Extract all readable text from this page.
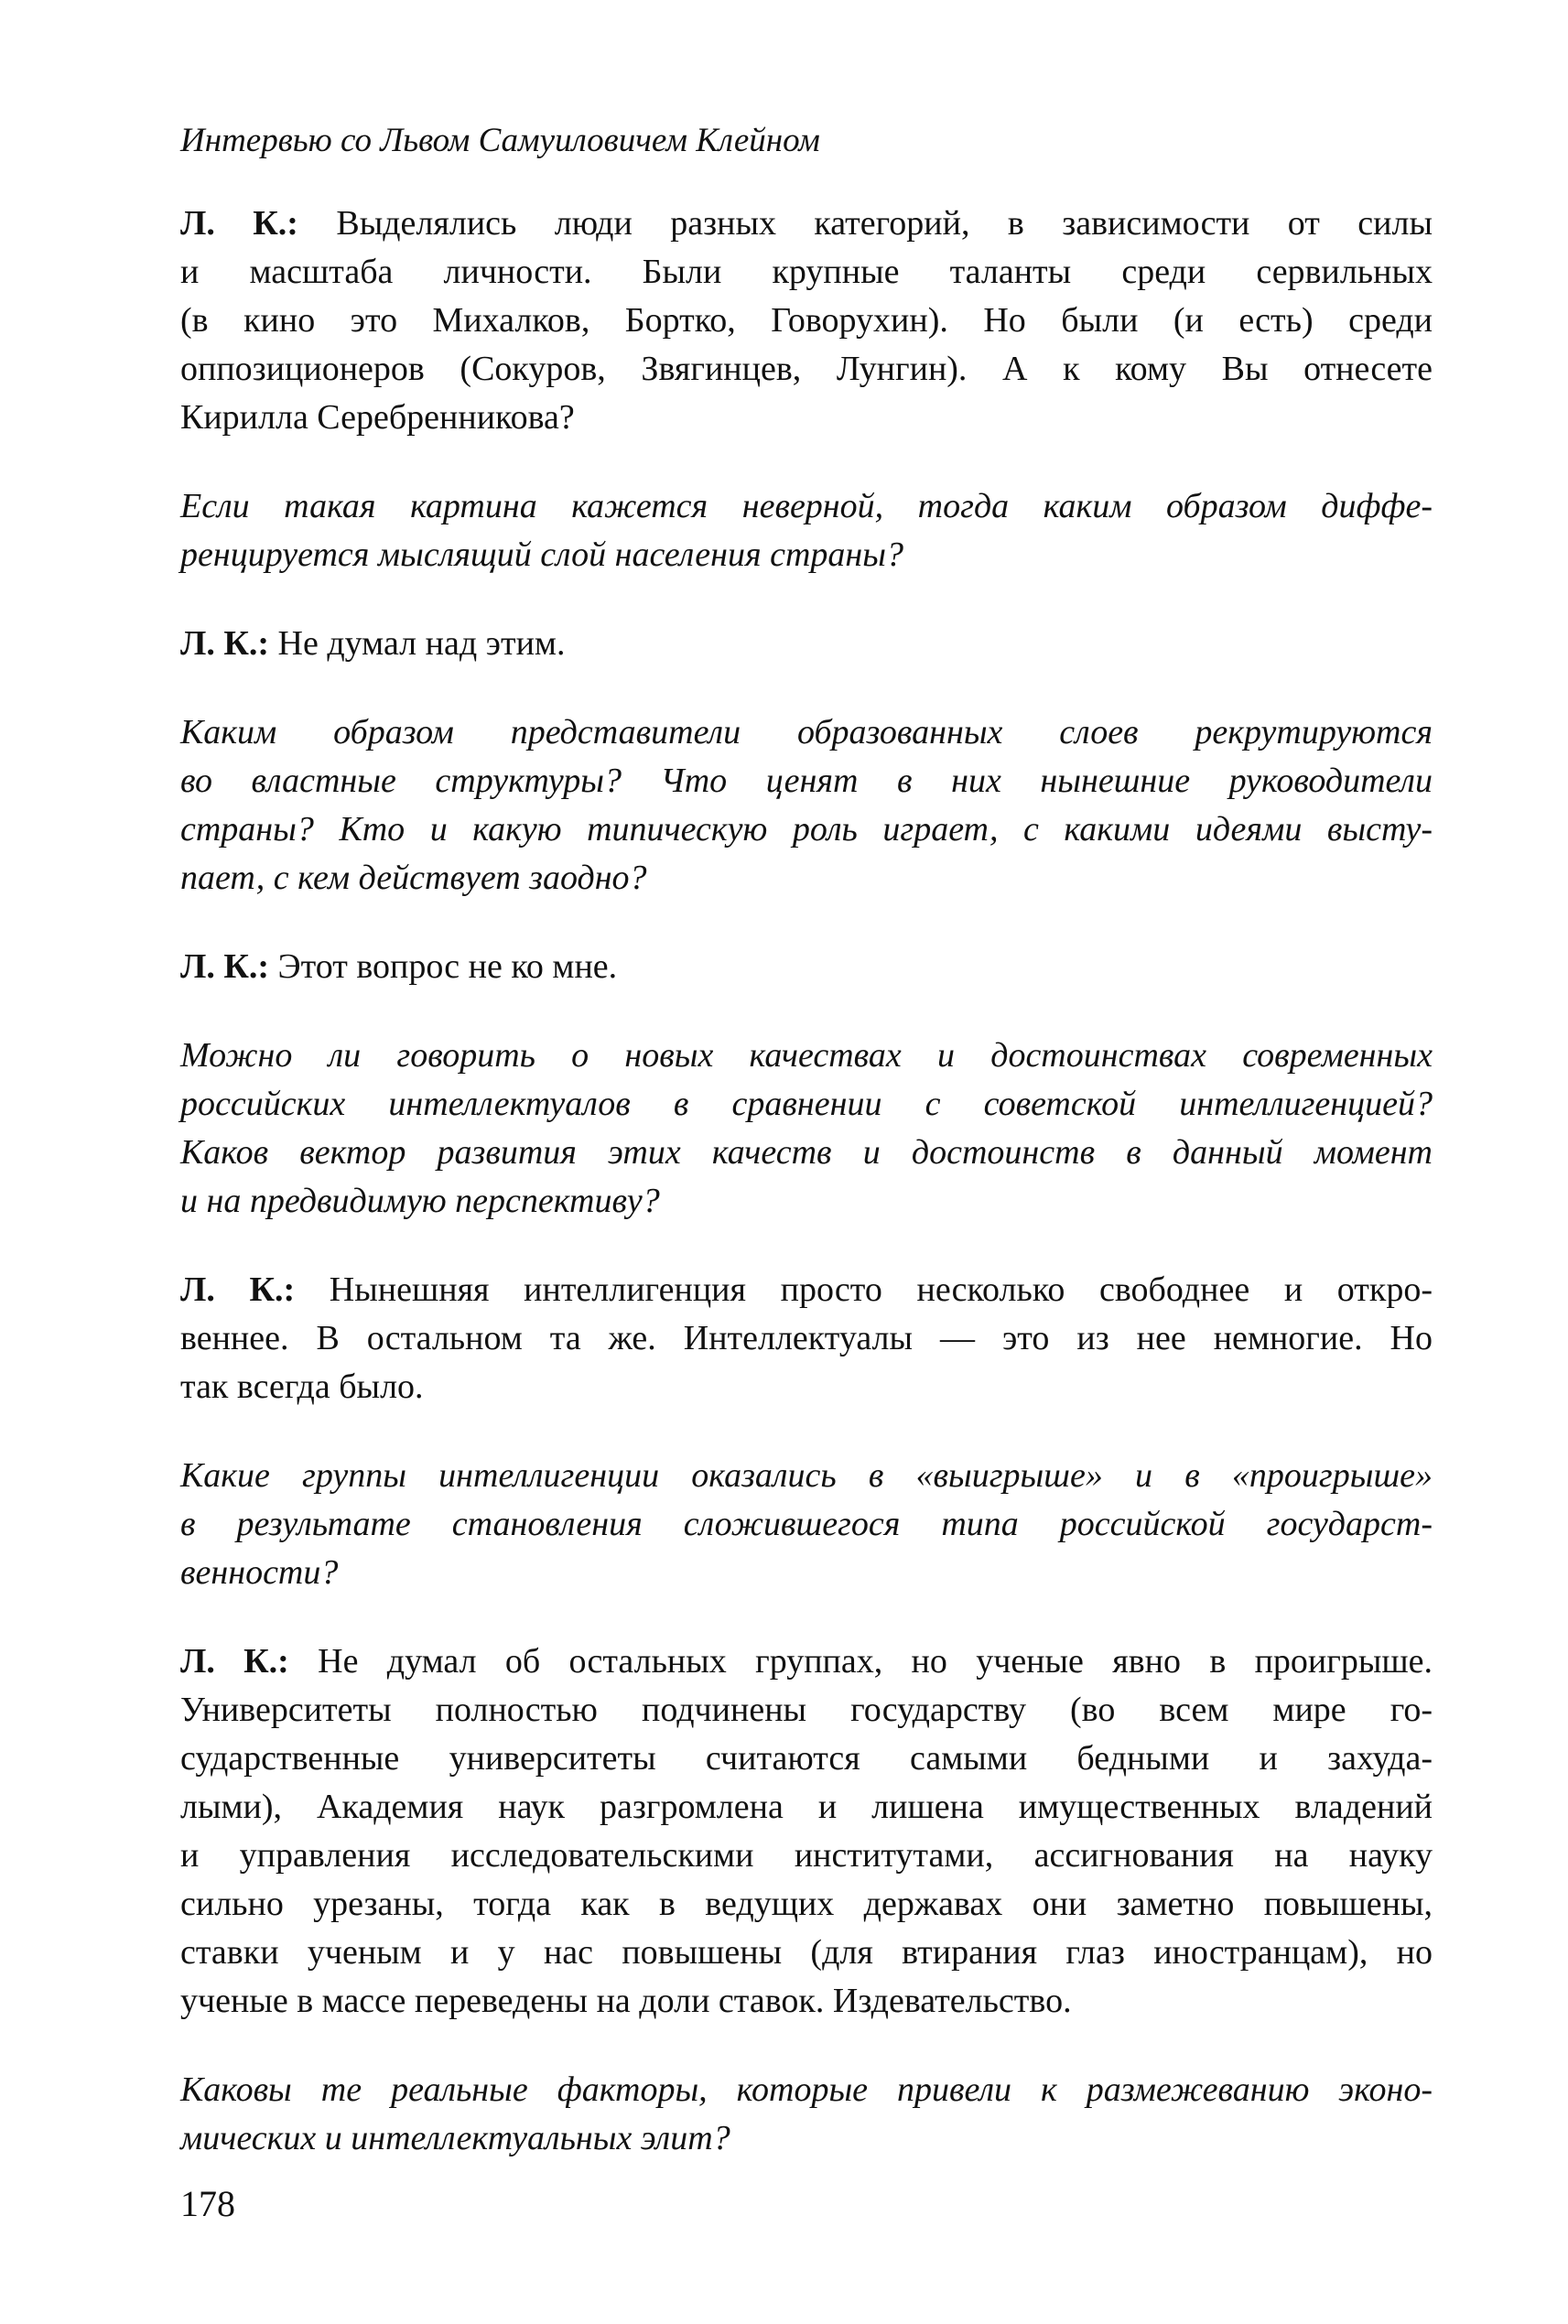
Интервью со Львом Самуиловичем Клейном
Л. К.: Выделялись люди разных категорий, в зависимости от силы
и масштаба личности. Были крупные таланты среди сервильных
(в кино это Михалков, Бортко, Говорухин). Но были (и есть) среди
оппозиционеров (Сокуров, Звягинцев, Лунгин). А к кому Вы отнесете
Кирилла Серебренникова?
Если такая картина кажется неверной, тогда каким образом диффе-
ренцируется мыслящий слой населения страны?
Л. К.: Не думал над этим.
Каким образом представители образованных слоев рекрутируются
во властные структуры? Что ценят в них нынешние руководители
страны? Кто и какую типическую роль играет, с какими идеями высту-
пает, с кем действует заодно?
Л. К.: Этот вопрос не ко мне.
Можно ли говорить о новых качествах и достоинствах современных
российских интеллектуалов в сравнении с советской интеллигенцией?
Каков вектор развития этих качеств и достоинств в данный момент
и на предвидимую перспективу?
Л. К.: Нынешняя интеллигенция просто несколько свободнее и откро-
веннее. В остальном та же. Интеллектуалы — это из нее немногие. Но
так всегда было.
Какие группы интеллигенции оказались в «выигрыше» и в «проигрыше»
в результате становления сложившегося типа российской государст-
венности?
Л. К.: Не думал об остальных группах, но ученые явно в проигрыше.
Университеты полностью подчинены государству (во всем мире го-
сударственные университеты считаются самыми бедными и захуда-
лыми), Академия наук разгромлена и лишена имущественных владений
и управления исследовательскими институтами, ассигнования на науку
сильно урезаны, тогда как в ведущих державах они заметно повышены,
ставки ученым и у нас повышены (для втирания глаз иностранцам), но
ученые в массе переведены на доли ставок. Издевательство.
Каковы те реальные факторы, которые привели к размежеванию эконо-
мических и интеллектуальных элит?
178
